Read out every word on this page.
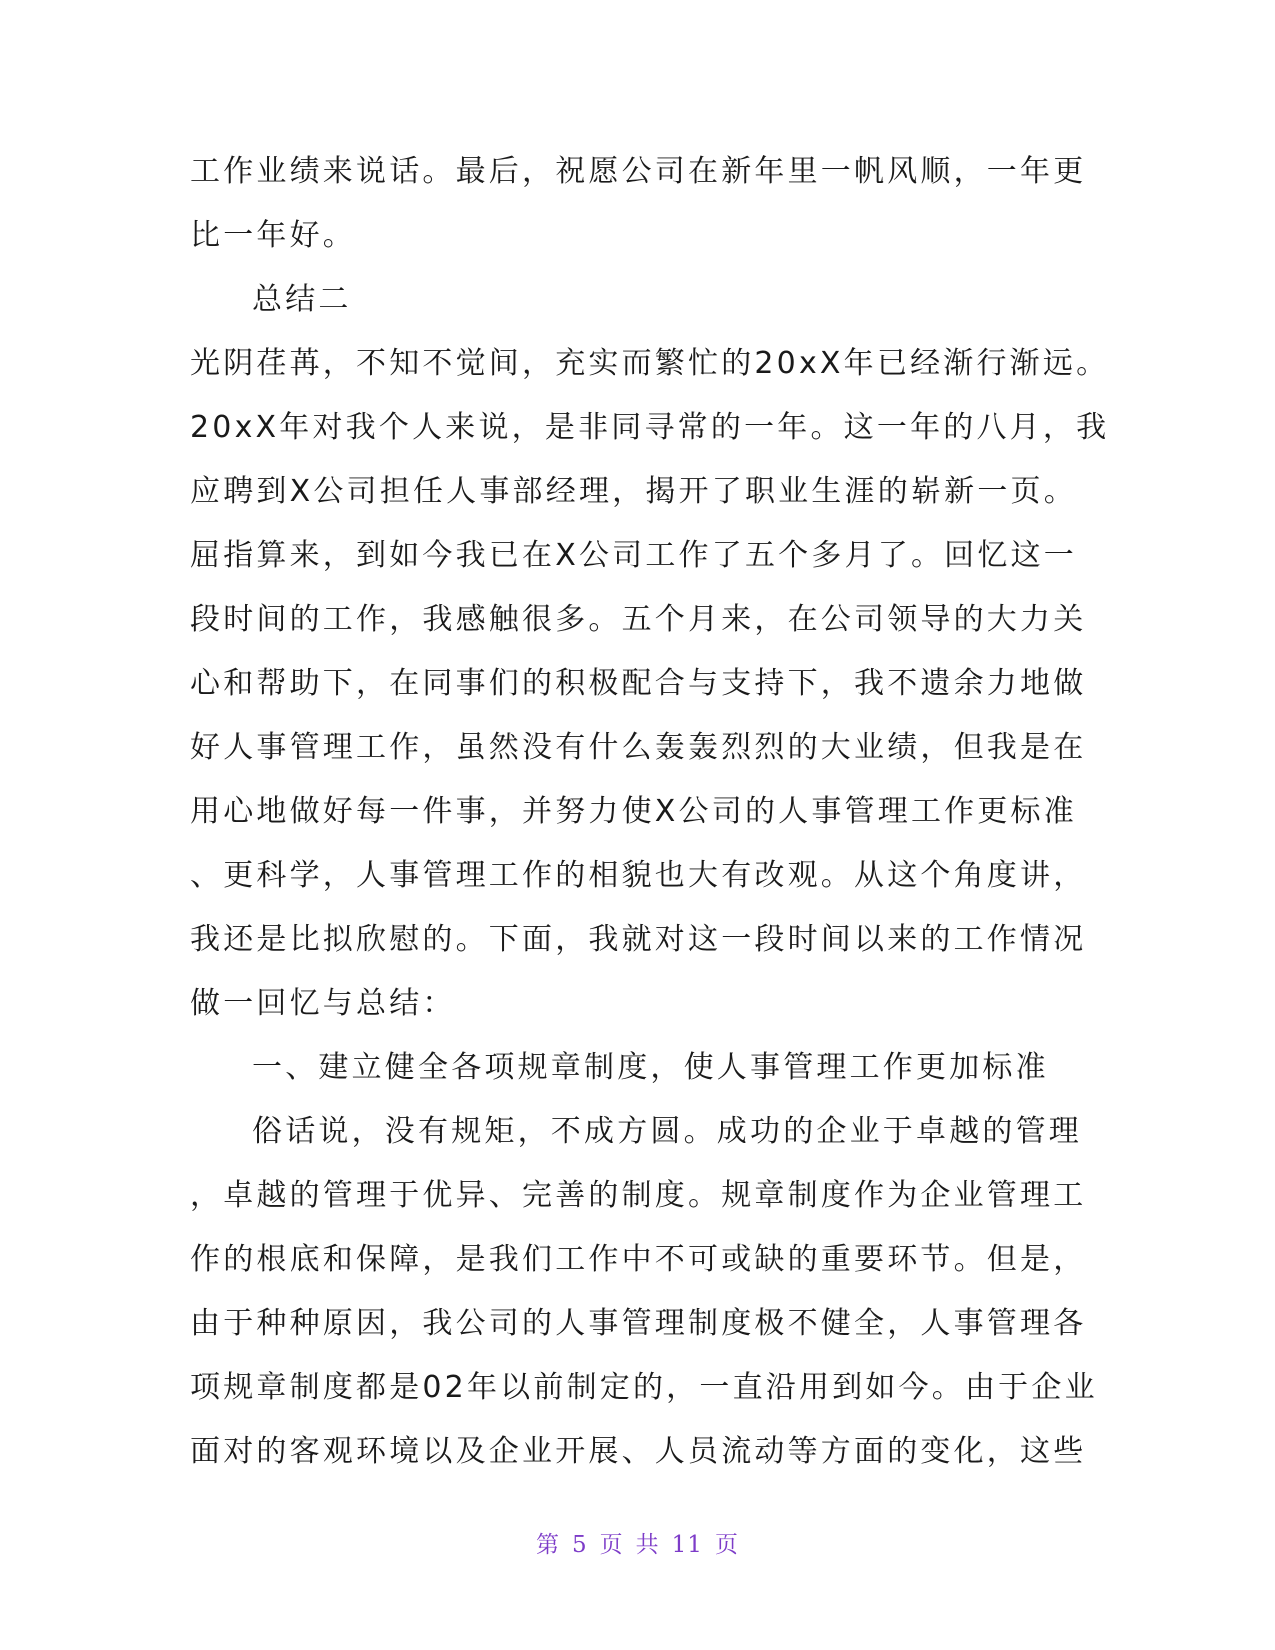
工作业绩来说话。最后，祝愿公司在新年里一帆风顺，一年更
比一年好。
总结二
光阴荏苒，不知不觉间，充实而繁忙的20xX年已经渐行渐远。
20xX年对我个人来说，是非同寻常的一年。这一年的八月，我
应聘到X公司担任人事部经理，揭开了职业生涯的崭新一页。
屈指算来，到如今我已在X公司工作了五个多月了。回忆这一
段时间的工作，我感触很多。五个月来，在公司领导的大力关
心和帮助下，在同事们的积极配合与支持下，我不遗余力地做
好人事管理工作，虽然没有什么轰轰烈烈的大业绩，但我是在
用心地做好每一件事，并努力使X公司的人事管理工作更标准
、更科学，人事管理工作的相貌也大有改观。从这个角度讲，
我还是比拟欣慰的。下面，我就对这一段时间以来的工作情况
做一回忆与总结：
一、建立健全各项规章制度，使人事管理工作更加标准
俗话说，没有规矩，不成方圆。成功的企业于卓越的管理
，卓越的管理于优异、完善的制度。规章制度作为企业管理工
作的根底和保障，是我们工作中不可或缺的重要环节。但是，
由于种种原因，我公司的人事管理制度极不健全，人事管理各
项规章制度都是02年以前制定的，一直沿用到如今。由于企业
面对的客观环境以及企业开展、人员流动等方面的变化，这些
第 5 页 共 11 页
